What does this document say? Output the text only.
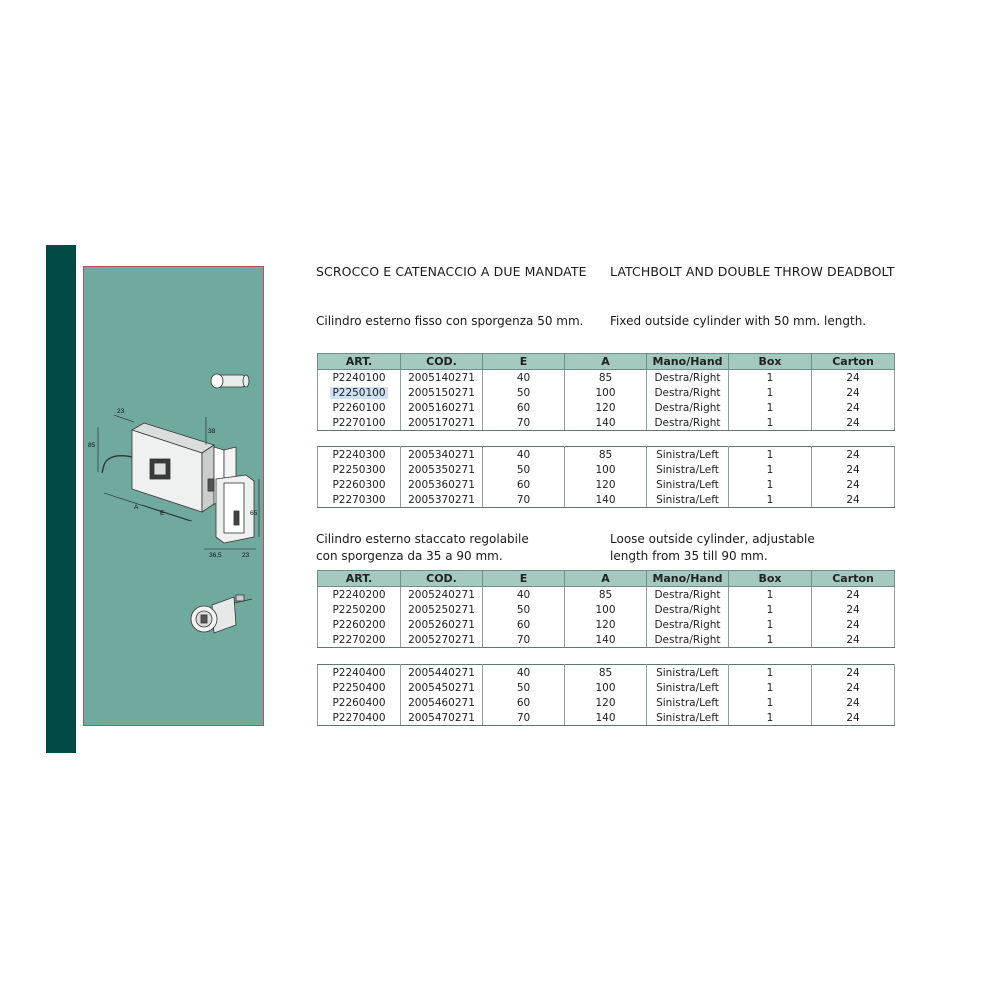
23
85
38
A
E	65
36,5	23
SCROCCO E CATENACCIO A DUE MANDATE LATCHBOLT AND DOUBLE THROW DEADBOLT
Cilindro esterno fisso con sporgenza 50 mm. Fixed outside cylinder with 50 mm. length.
ART.	COD.	E	A	Mano/Hand	Box	Carton
P2240100	2005140271	40	85	Destra/Right	1	24
P2250100	2005150271	50	100	Destra/Right	1	24
P2260100	2005160271	60	120	Destra/Right	1	24
P2270100	2005170271	70	140	Destra/Right	1	24
P2240300	2005340271	40	85	Sinistra/Left	1	24
P2250300	2005350271	50	100	Sinistra/Left	1	24
P2260300	2005360271	60	120	Sinistra/Left	1	24
P2270300	2005370271	70	140	Sinistra/Left	1	24
Cilindro esterno staccato regolabile
con sporgenza da 35 a 90 mm.
Loose outside cylinder, adjustable
length from 35 till 90 mm.
ART.	COD.	E	A	Mano/Hand	Box	Carton
P2240200	2005240271	40	85	Destra/Right	1	24
P2250200	2005250271	50	100	Destra/Right	1	24
P2260200	2005260271	60	120	Destra/Right	1	24
P2270200	2005270271	70	140	Destra/Right	1	24
P2240400	2005440271	40	85	Sinistra/Left	1	24
P2250400	2005450271	50	100	Sinistra/Left	1	24
P2260400	2005460271	60	120	Sinistra/Left	1	24
P2270400	2005470271	70	140	Sinistra/Left	1	24
